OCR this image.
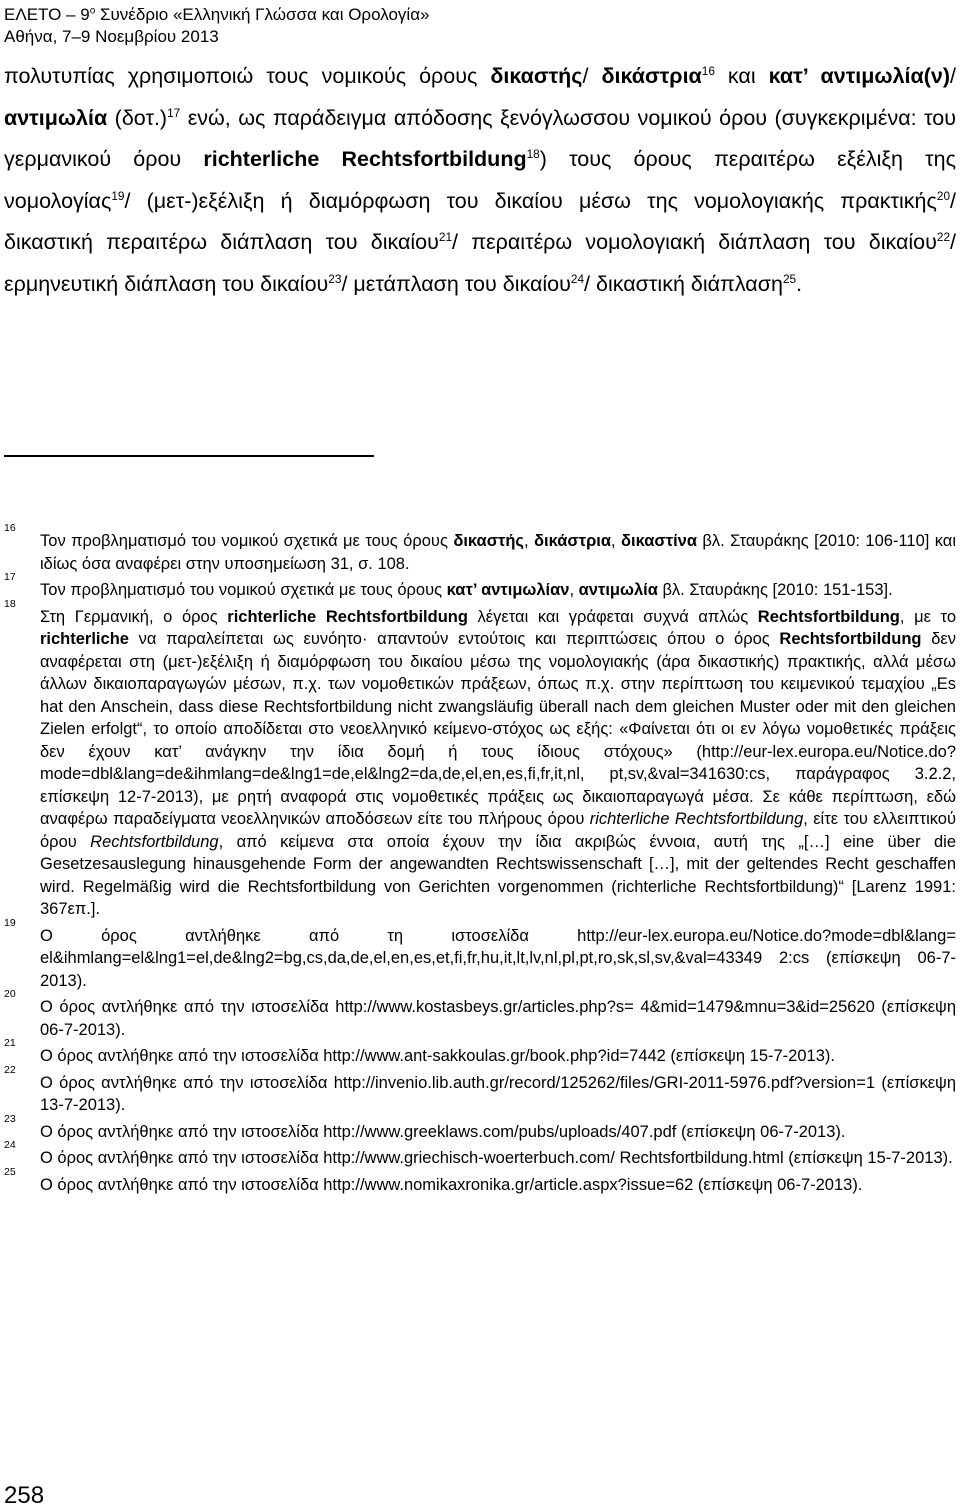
ΕΛΕΤΟ – $9^o$ Συνέδριο «Ελληνική Γλώσσα και Ορολογία»
Αθήνα, 7–9 Νοεμβρίου 2013

πολυτυπίας χρησιμοποιώ τους νομικούς όρους δικαστής/ δικάστρια$^{16}$ και κατ’ αντιμωλία(ν)/ αντιμωλία $(\delta o\tau.)^{17}$ ενώ, ως παράδειγμα απόδοσης ξενόγλωσσου νομικού όρου (συγκεκριμένα: του γερμανικού όρου richterliche Rechtsfortbildung$^{18}$) τους όρους περαιτέρω εξέλιξη της νομολογίας$^{19}$/ (μετ-)εξέλιξη ή διαμόρφωση του δικαίου μέσω της νομολογιακής πρακτικής$^{20}$/ δικαστική περαιτέρω διάπλαση του δικαίου$^{21}$/ περαιτέρω νομολογιακή διάπλαση του δικαίου$^{22}$/ ερμηνευτική διάπλαση του δικαίου$^{23}$/ μετάπλαση του δικαίου$^{24}$/ δικαστική διάπλαση$^{25}$.

16
Τον προβληματισμό του νομικού σχετικά με τους όρους δικαστής, δικάστρια, δικαστίνα βλ. Σταυράκης [2010: 106-110] και ιδίως όσα αναφέρει στην υποσημείωση 31, σ. 108.
17
Τον προβληματισμό του νομικού σχετικά με τους όρους κατ’ αντιμωλίαν, αντιμωλία βλ. Σταυράκης [2010: 151-153].
18
Στη Γερμανική, ο όρος richterliche Rechtsfortbildung λέγεται και γράφεται συχνά απλώς Rechtsfortbildung, με το richterliche να παραλείπεται ως ευνόητο· απαντούν εντούτοις και περιπτώσεις όπου ο όρος Rechtsfortbildung δεν αναφέρεται στη (μετ-)εξέλιξη ή διαμόρφωση του δικαίου μέσω της νομολογιακής (άρα δικαστικής) πρακτικής, αλλά μέσω άλλων δικαιοπαραγωγών μέσων, π.χ. των νομοθετικών πράξεων, όπως π.χ. στην περίπτωση του κειμενικού τεμαχίου „Es hat den Anschein, dass diese Rechtsfortbildung nicht zwangsläufig überall nach dem gleichen Muster oder mit den gleichen Zielen erfolgt“, το οποίο αποδίδεται στο νεοελληνικό κείμενο-στόχος ως εξής: «Φαίνεται ότι οι εν λόγω νομοθετικές πράξεις δεν έχουν κατ’ ανάγκην την ίδια δομή ή τους ίδιους στόχους» (http://eur-lex.europa.eu/Notice.do?mode=dbl&lang=de&ihmlang=de&lng1=de,el&lng2=da,de,el,en,es,fi,fr,it,nl, pt,sv,&val=341630:cs, παράγραφος 3.2.2, επίσκεψη 12-7-2013), με ρητή αναφορά στις νομοθετικές πράξεις ως δικαιοπαραγωγά μέσα. Σε κάθε περίπτωση, εδώ αναφέρω παραδείγματα νεοελληνικών αποδόσεων είτε του πλήρους όρου richterliche Rechtsfortbildung, είτε του ελλειπτικού όρου Rechtsfortbildung, από κείμενα στα οποία έχουν την ίδια ακριβώς έννοια, αυτή της „[…] eine über die Gesetzesauslegung hinausgehende Form der angewandten Rechtswissenschaft […], mit der geltendes Recht geschaffen wird. Regelmäßig wird die Rechtsfortbildung von Gerichten vorgenommen (richterliche Rechtsfortbildung)“ [Larenz 1991: 367επ.].
19
Ο όρος αντλήθηκε από τη ιστοσελίδα http://eur-lex.europa.eu/Notice.do?mode=dbl&lang= el&ihmlang=el&lng1=el,de&lng2=bg,cs,da,de,el,en,es,et,fi,fr,hu,it,lt,lv,nl,pl,pt,ro,sk,sl,sv,&val=43349 2:cs (επίσκεψη 06-7-2013).
20
Ο όρος αντλήθηκε από την ιστοσελίδα http://www.kostasbeys.gr/articles.php?s= 4&mid=1479&mnu=3&id=25620 (επίσκεψη 06-7-2013).
21
Ο όρος αντλήθηκε από την ιστοσελίδα http://www.ant-sakkoulas.gr/book.php?id=7442 (επίσκεψη 15-7-2013).
22
Ο όρος αντλήθηκε από την ιστοσελίδα http://invenio.lib.auth.gr/record/125262/files/GRI-2011-5976.pdf?version=1 (επίσκεψη 13-7-2013).
23
Ο όρος αντλήθηκε από την ιστοσελίδα http://www.greeklaws.com/pubs/uploads/407.pdf (επίσκεψη 06-7-2013).
24
Ο όρος αντλήθηκε από την ιστοσελίδα http://www.griechisch-woerterbuch.com/ Rechtsfortbildung.html (επίσκεψη 15-7-2013).
25
Ο όρος αντλήθηκε από την ιστοσελίδα http://www.nomikaxronika.gr/article.aspx?issue=62 (επίσκεψη 06-7-2013).
258
